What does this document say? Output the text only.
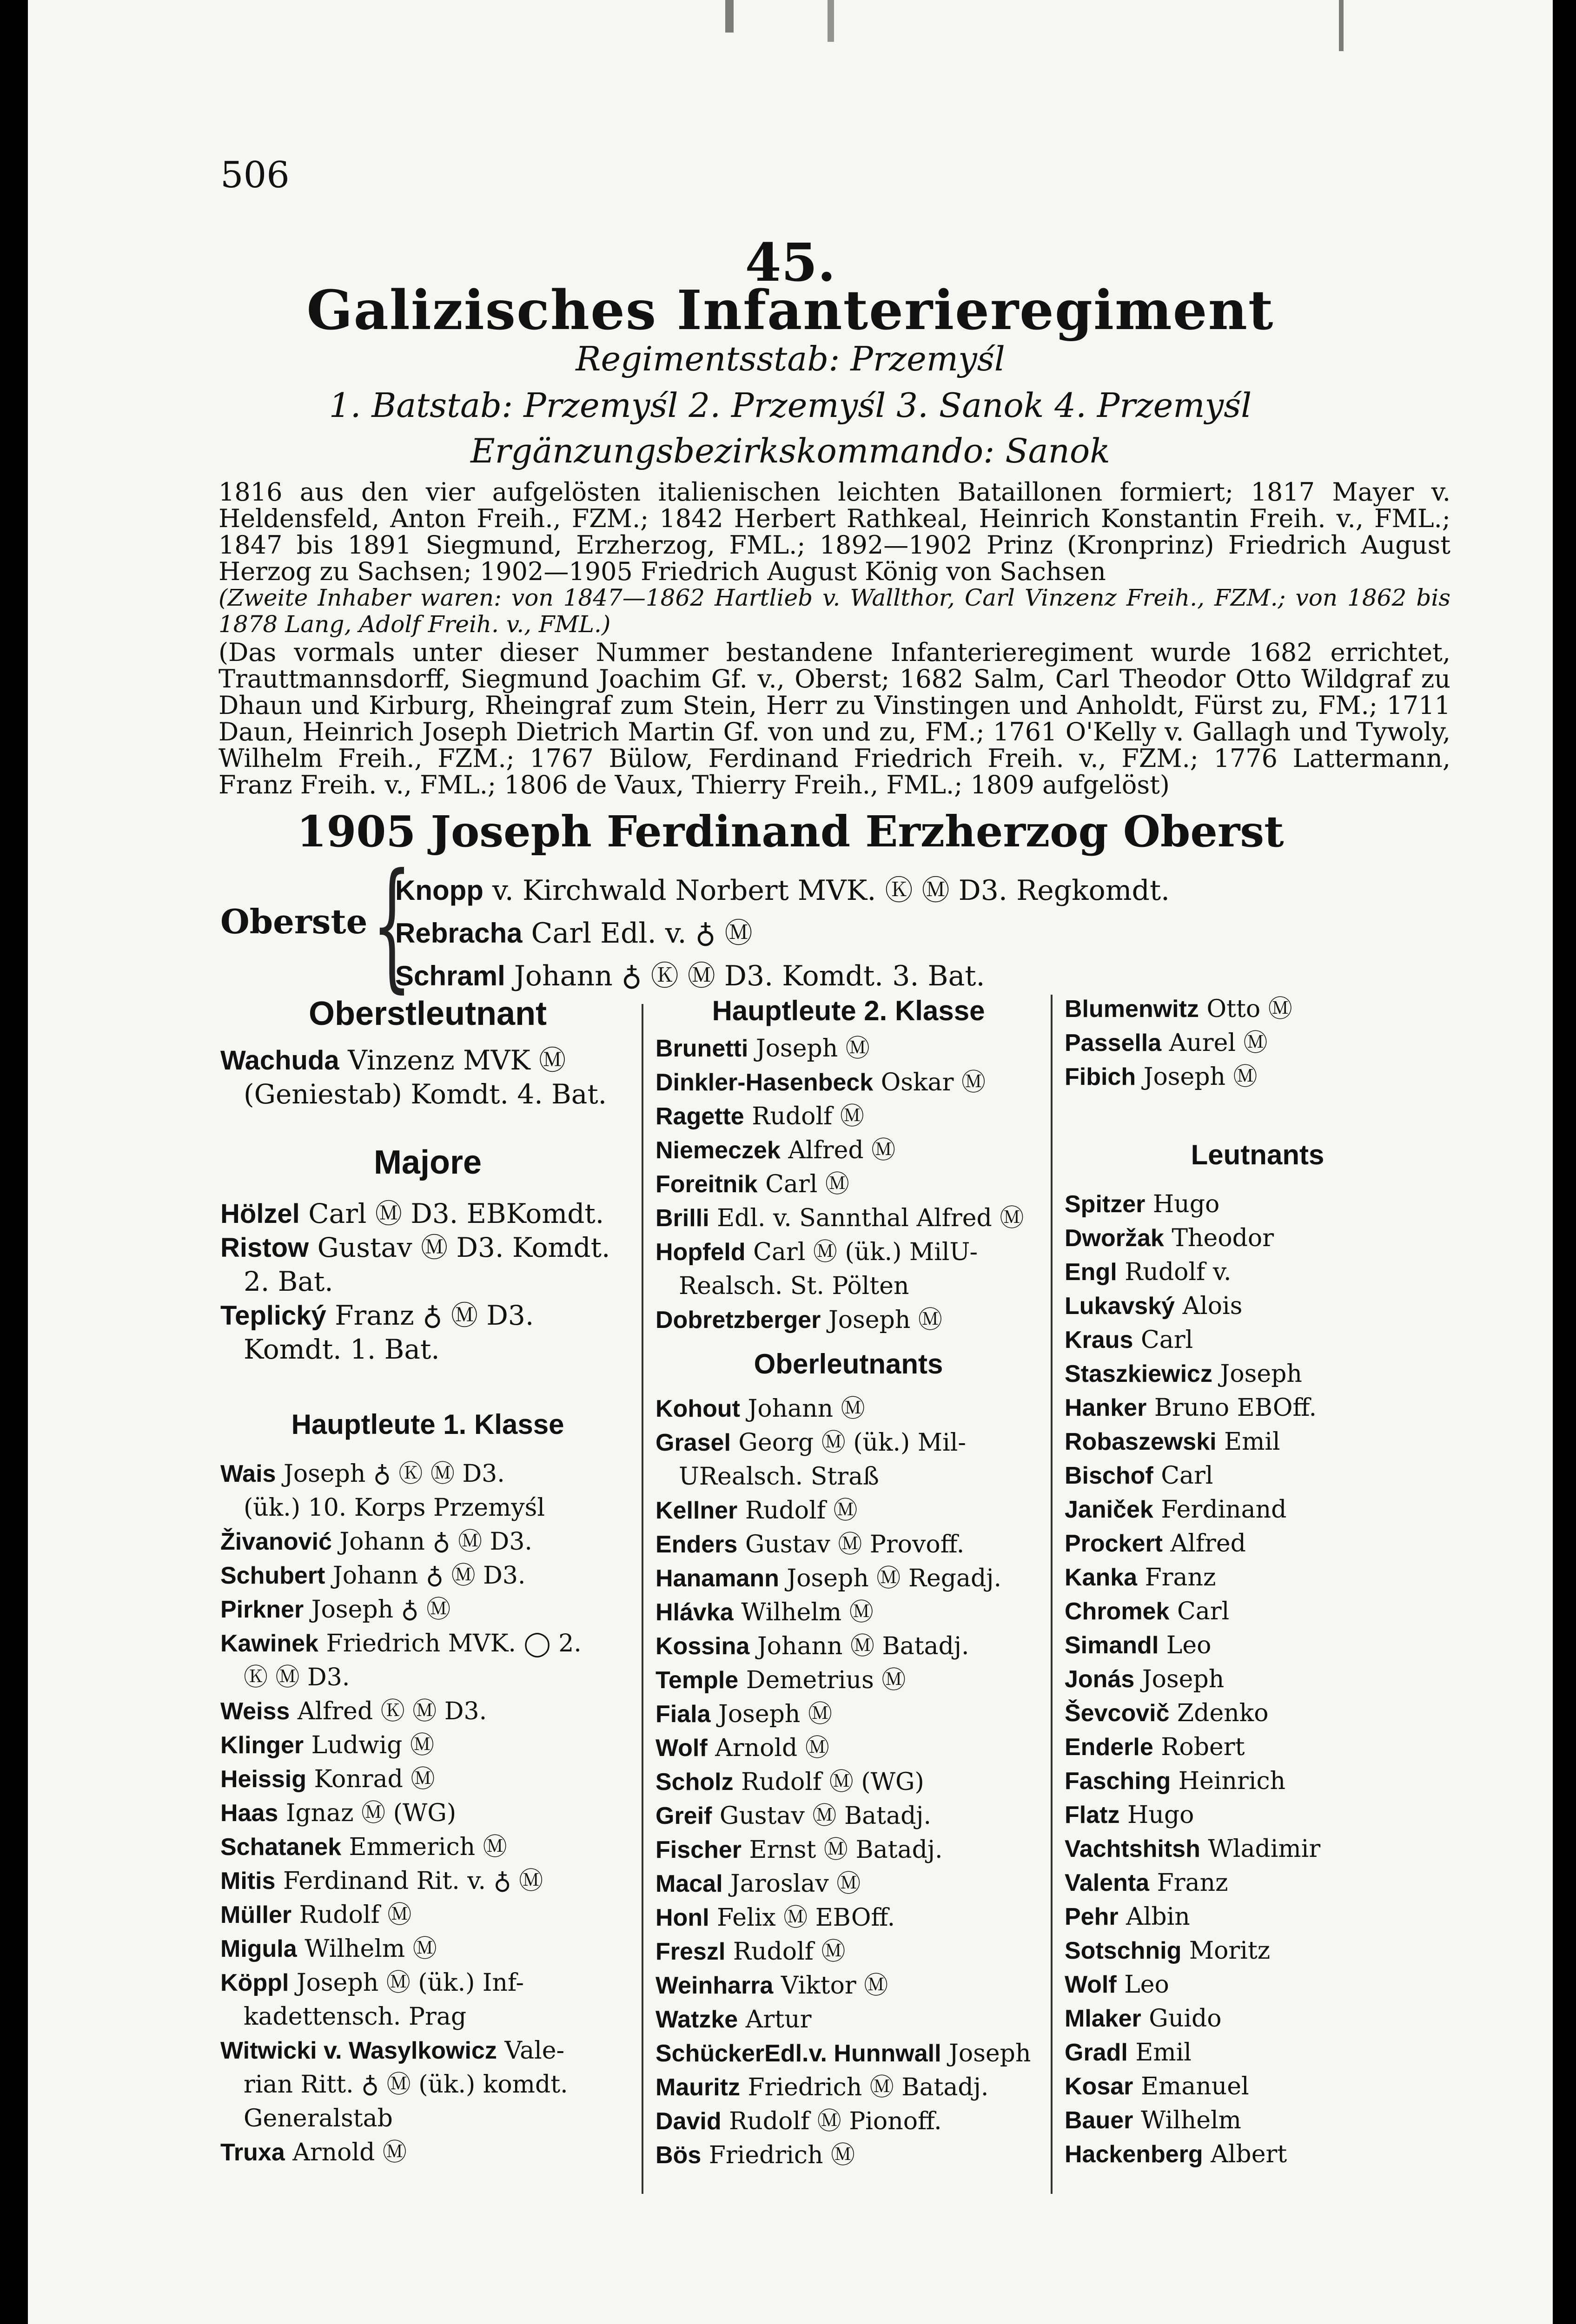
506
45.
Galizisches Infanterieregiment
Regimentsstab: Przemyśl
1. Batstab: Przemyśl 2. Przemyśl 3. Sanok 4. Przemyśl
Ergänzungsbezirkskommando: Sanok
1816 aus den vier aufgelösten italienischen leichten Bataillonen formiert; 1817 Mayer v. Heldensfeld, Anton Freih., FZM.; 1842 Herbert Rathkeal, Heinrich Konstantin Freih. v., FML.; 1847 bis 1891 Siegmund, Erzherzog, FML.; 1892—1902 Prinz (Kronprinz) Friedrich August Herzog zu Sachsen; 1902—1905 Friedrich August König von Sachsen
(Zweite Inhaber waren: von 1847—1862 Hartlieb v. Wallthor, Carl Vinzenz Freih., FZM.; von 1862 bis 1878 Lang, Adolf Freih. v., FML.)
(Das vormals unter dieser Nummer bestandene Infanterieregiment wurde 1682 errichtet, Trauttmannsdorff, Siegmund Joachim Gf. v., Oberst; 1682 Salm, Carl Theodor Otto Wildgraf zu Dhaun und Kirburg, Rheingraf zum Stein, Herr zu Vinstingen und Anholdt, Fürst zu, FM.; 1711 Daun, Heinrich Joseph Dietrich Martin Gf. von und zu, FM.; 1761 O'Kelly v. Gallagh und Tywoly, Wilhelm Freih., FZM.; 1767 Bülow, Ferdinand Friedrich Freih. v., FZM.; 1776 Lattermann, Franz Freih. v., FML.; 1806 de Vaux, Thierry Freih., FML.; 1809 aufgelöst)
1905 Joseph Ferdinand Erzherzog Oberst
Oberste {
Knopp v. Kirchwald Norbert MVK. Ⓚ Ⓜ D3. Regkomdt.
Rebracha Carl Edl. v. ♁ Ⓜ
Schraml Johann ♁ Ⓚ Ⓜ D3. Komdt. 3. Bat.
Oberstleutnant
Majore
Hauptleute 1. Klasse
Hauptleute 2. Klasse
Oberleutnants
Leutnants
Wachuda Vinzenz MVK Ⓜ
(Geniestab) Komdt. 4. Bat.
Hölzel Carl Ⓜ D3. EBKomdt.
Ristow Gustav Ⓜ D3. Komdt.
2. Bat.
Teplický Franz ♁ Ⓜ D3.
Komdt. 1. Bat.
Wais Joseph ♁ Ⓚ Ⓜ D3.
(ük.) 10. Korps Przemyśl
Živanović Johann ♁ Ⓜ D3.
Schubert Johann ♁ Ⓜ D3.
Pirkner Joseph ♁ Ⓜ
Kawinek Friedrich MVK. ◯ 2.
Ⓚ Ⓜ D3.
Weiss Alfred Ⓚ Ⓜ D3.
Klinger Ludwig Ⓜ
Heissig Konrad Ⓜ
Haas Ignaz Ⓜ (WG)
Schatanek Emmerich Ⓜ
Mitis Ferdinand Rit. v. ♁ Ⓜ
Müller Rudolf Ⓜ
Migula Wilhelm Ⓜ
Köppl Joseph Ⓜ (ük.) Inf-
kadettensch. Prag
Witwicki v. Wasylkowicz Vale-
rian Ritt. ♁ Ⓜ (ük.) komdt.
Generalstab
Truxa Arnold Ⓜ
Brunetti Joseph Ⓜ
Dinkler-Hasenbeck Oskar Ⓜ
Ragette Rudolf Ⓜ
Niemeczek Alfred Ⓜ
Foreitnik Carl Ⓜ
Brilli Edl. v. Sannthal Alfred Ⓜ
Hopfeld Carl Ⓜ (ük.) MilU-
Realsch. St. Pölten
Dobretzberger Joseph Ⓜ
Kohout Johann Ⓜ
Grasel Georg Ⓜ (ük.) Mil-
URealsch. Straß
Kellner Rudolf Ⓜ
Enders Gustav Ⓜ Provoff.
Hanamann Joseph Ⓜ Regadj.
Hlávka Wilhelm Ⓜ
Kossina Johann Ⓜ Batadj.
Temple Demetrius Ⓜ
Fiala Joseph Ⓜ
Wolf Arnold Ⓜ
Scholz Rudolf Ⓜ (WG)
Greif Gustav Ⓜ Batadj.
Fischer Ernst Ⓜ Batadj.
Macal Jaroslav Ⓜ
Honl Felix Ⓜ EBOff.
Freszl Rudolf Ⓜ
Weinharra Viktor Ⓜ
Watzke Artur
SchückerEdl.v. Hunnwall Joseph
Mauritz Friedrich Ⓜ Batadj.
David Rudolf Ⓜ Pionoff.
Bös Friedrich Ⓜ
Blumenwitz Otto Ⓜ
Passella Aurel Ⓜ
Fibich Joseph Ⓜ
Spitzer Hugo
Dworžak Theodor
Engl Rudolf v.
Lukavský Alois
Kraus Carl
Staszkiewicz Joseph
Hanker Bruno EBOff.
Robaszewski Emil
Bischof Carl
Janiček Ferdinand
Prockert Alfred
Kanka Franz
Chromek Carl
Simandl Leo
Jonás Joseph
Ševcovič Zdenko
Enderle Robert
Fasching Heinrich
Flatz Hugo
Vachtshitsh Wladimir
Valenta Franz
Pehr Albin
Sotschnig Moritz
Wolf Leo
Mlaker Guido
Gradl Emil
Kosar Emanuel
Bauer Wilhelm
Hackenberg Albert
